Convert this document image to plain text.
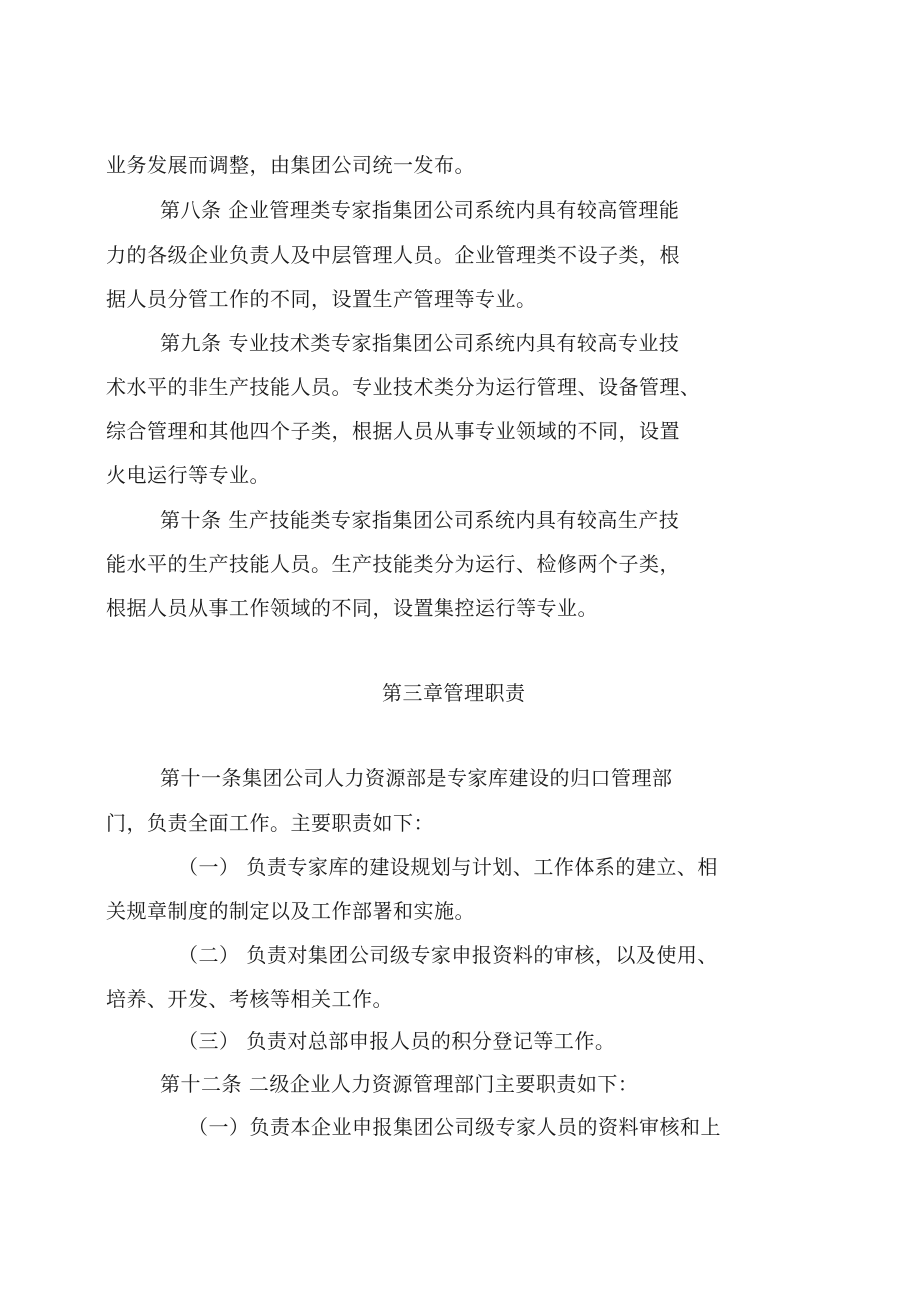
业务发展而调整，由集团公司统一发布。
第八条 企业管理类专家指集团公司系统内具有较高管理能
力的各级企业负责人及中层管理人员。企业管理类不设子类，根
据人员分管工作的不同，设置生产管理等专业。
第九条 专业技术类专家指集团公司系统内具有较高专业技
术水平的非生产技能人员。专业技术类分为运行管理、设备管理、
综合管理和其他四个子类，根据人员从事专业领域的不同，设置
火电运行等专业。
第十条 生产技能类专家指集团公司系统内具有较高生产技
能水平的生产技能人员。生产技能类分为运行、检修两个子类，
根据人员从事工作领域的不同，设置集控运行等专业。
第三章管理职责
第十一条集团公司人力资源部是专家库建设的归口管理部
门，负责全面工作。主要职责如下：
（一） 负责专家库的建设规划与计划、工作体系的建立、相
关规章制度的制定以及工作部署和实施。
（二） 负责对集团公司级专家申报资料的审核，以及使用、
培养、开发、考核等相关工作。
（三） 负责对总部申报人员的积分登记等工作。
第十二条 二级企业人力资源管理部门主要职责如下：
（一）负责本企业申报集团公司级专家人员的资料审核和上
